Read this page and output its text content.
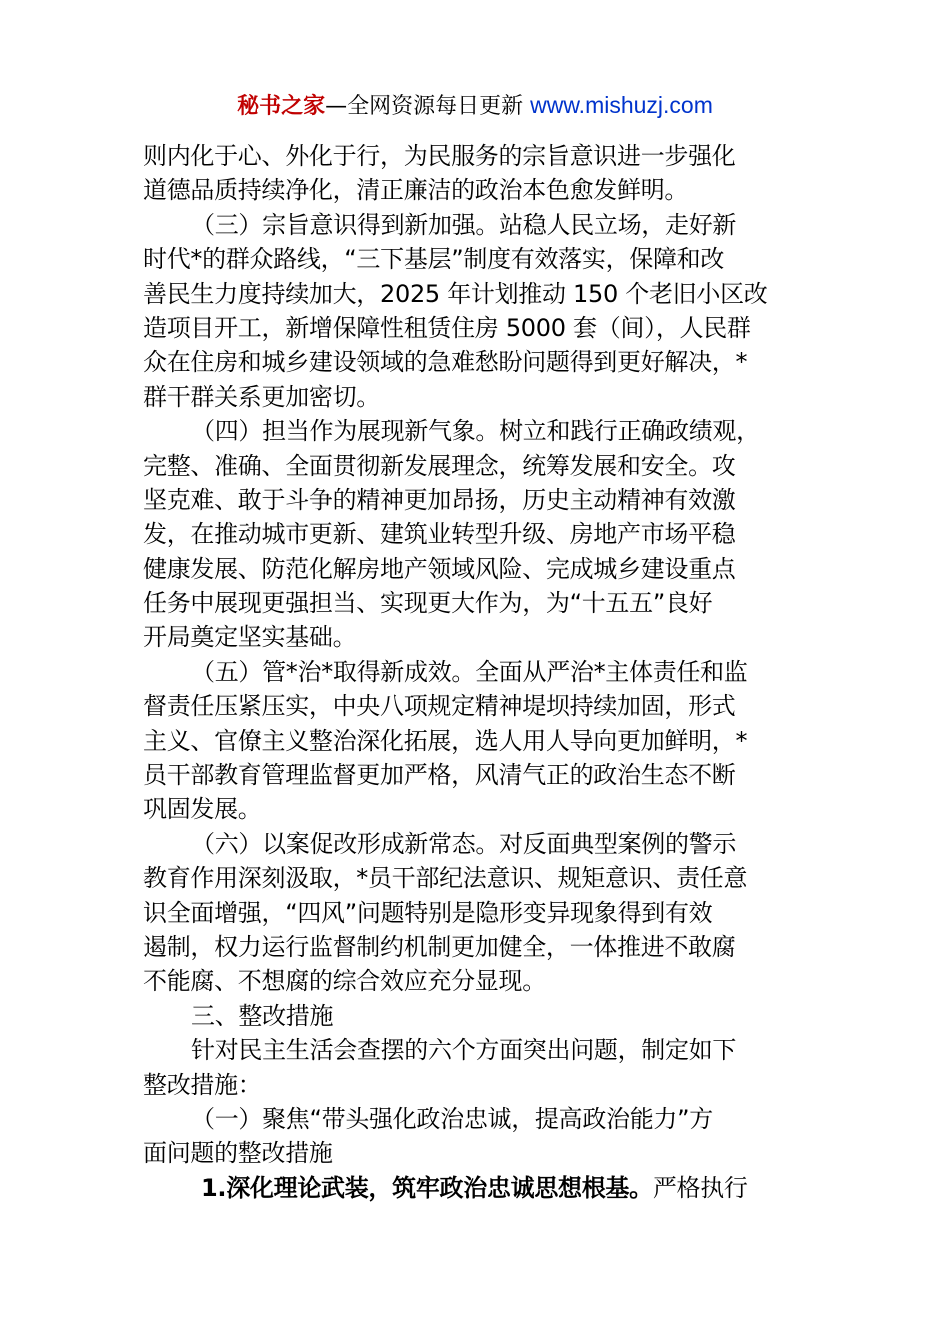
秘书之家—全网资源每日更新 www.mishuzj.com
则内化于心、外化于行，为民服务的宗旨意识进一步强化
道德品质持续净化，清正廉洁的政治本色愈发鲜明。
（三）宗旨意识得到新加强。站稳人民立场，走好新
时代*的群众路线，“三下基层”制度有效落实，保障和改
善民生力度持续加大，2025 年计划推动 150 个老旧小区改
造项目开工，新增保障性租赁住房 5000 套（间），人民群
众在住房和城乡建设领域的急难愁盼问题得到更好解决，*
群干群关系更加密切。
（四）担当作为展现新气象。树立和践行正确政绩观，
完整、准确、全面贯彻新发展理念，统筹发展和安全。攻
坚克难、敢于斗争的精神更加昂扬，历史主动精神有效激
发，在推动城市更新、建筑业转型升级、房地产市场平稳
健康发展、防范化解房地产领域风险、完成城乡建设重点
任务中展现更强担当、实现更大作为，为“十五五”良好
开局奠定坚实基础。
（五）管*治*取得新成效。全面从严治*主体责任和监
督责任压紧压实，中央八项规定精神堤坝持续加固，形式
主义、官僚主义整治深化拓展，选人用人导向更加鲜明，*
员干部教育管理监督更加严格，风清气正的政治生态不断
巩固发展。
（六）以案促改形成新常态。对反面典型案例的警示
教育作用深刻汲取，*员干部纪法意识、规矩意识、责任意
识全面增强，“四风”问题特别是隐形变异现象得到有效
遏制，权力运行监督制约机制更加健全，一体推进不敢腐
不能腐、不想腐的综合效应充分显现。
三、整改措施
针对民主生活会查摆的六个方面突出问题，制定如下
整改措施：
（一）聚焦“带头强化政治忠诚，提高政治能力”方
面问题的整改措施
1.深化理论武装，筑牢政治忠诚思想根基。严格执行
